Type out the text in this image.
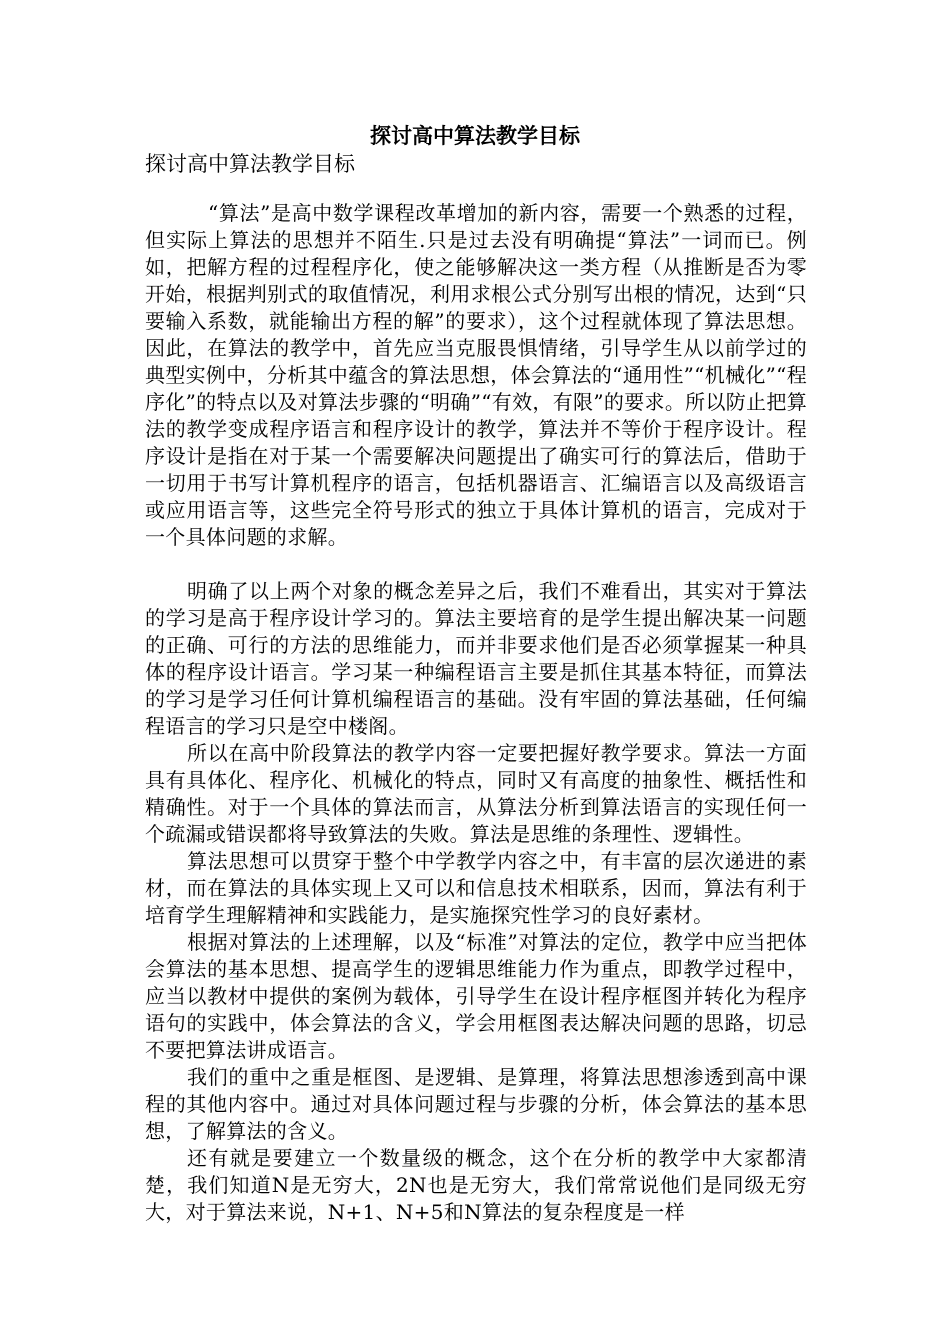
探讨高中算法教学目标
探讨高中算法教学目标

“算法”是高中数学课程改革增加的新内容，需要一个熟悉的过程，但实际上算法的思想并不陌生.只是过去没有明确提“算法”一词而已。例如，把解方程的过程程序化，使之能够解决这一类方程（从推断是否为零开始，根据判别式的取值情况，利用求根公式分别写出根的情况，达到“只要输入系数，就能输出方程的解”的要求），这个过程就体现了算法思想。因此，在算法的教学中，首先应当克服畏惧情绪，引导学生从以前学过的典型实例中，分析其中蕴含的算法思想，体会算法的“通用性”“机械化”“程序化”的特点以及对算法步骤的“明确”“有效，有限”的要求。所以防止把算法的教学变成程序语言和程序设计的教学，算法并不等价于程序设计。程序设计是指在对于某一个需要解决问题提出了确实可行的算法后，借助于一切用于书写计算机程序的语言，包括机器语言、汇编语言以及高级语言或应用语言等，这些完全符号形式的独立于具体计算机的语言，完成对于一个具体问题的求解。

明确了以上两个对象的概念差异之后，我们不难看出，其实对于算法的学习是高于程序设计学习的。算法主要培育的是学生提出解决某一问题的正确、可行的方法的思维能力，而并非要求他们是否必须掌握某一种具体的程序设计语言。学习某一种编程语言主要是抓住其基本特征，而算法的学习是学习任何计算机编程语言的基础。没有牢固的算法基础，任何编程语言的学习只是空中楼阁。

所以在高中阶段算法的教学内容一定要把握好教学要求。算法一方面具有具体化、程序化、机械化的特点，同时又有高度的抽象性、概括性和精确性。对于一个具体的算法而言，从算法分析到算法语言的实现任何一个疏漏或错误都将导致算法的失败。算法是思维的条理性、逻辑性。

算法思想可以贯穿于整个中学教学内容之中，有丰富的层次递进的素材，而在算法的具体实现上又可以和信息技术相联系，因而，算法有利于培育学生理解精神和实践能力，是实施探究性学习的良好素材。

根据对算法的上述理解，以及“标准”对算法的定位，教学中应当把体会算法的基本思想、提高学生的逻辑思维能力作为重点，即教学过程中，应当以教材中提供的案例为载体，引导学生在设计程序框图并转化为程序语句的实践中，体会算法的含义，学会用框图表达解决问题的思路，切忌不要把算法讲成语言。

我们的重中之重是框图、是逻辑、是算理，将算法思想渗透到高中课程的其他内容中。通过对具体问题过程与步骤的分析，体会算法的基本思想，了解算法的含义。

还有就是要建立一个数量级的概念，这个在分析的教学中大家都清楚，我们知道N是无穷大，2N也是无穷大，我们常常说他们是同级无穷大，对于算法来说，N+1、N+5和N算法的复杂程度是一样
